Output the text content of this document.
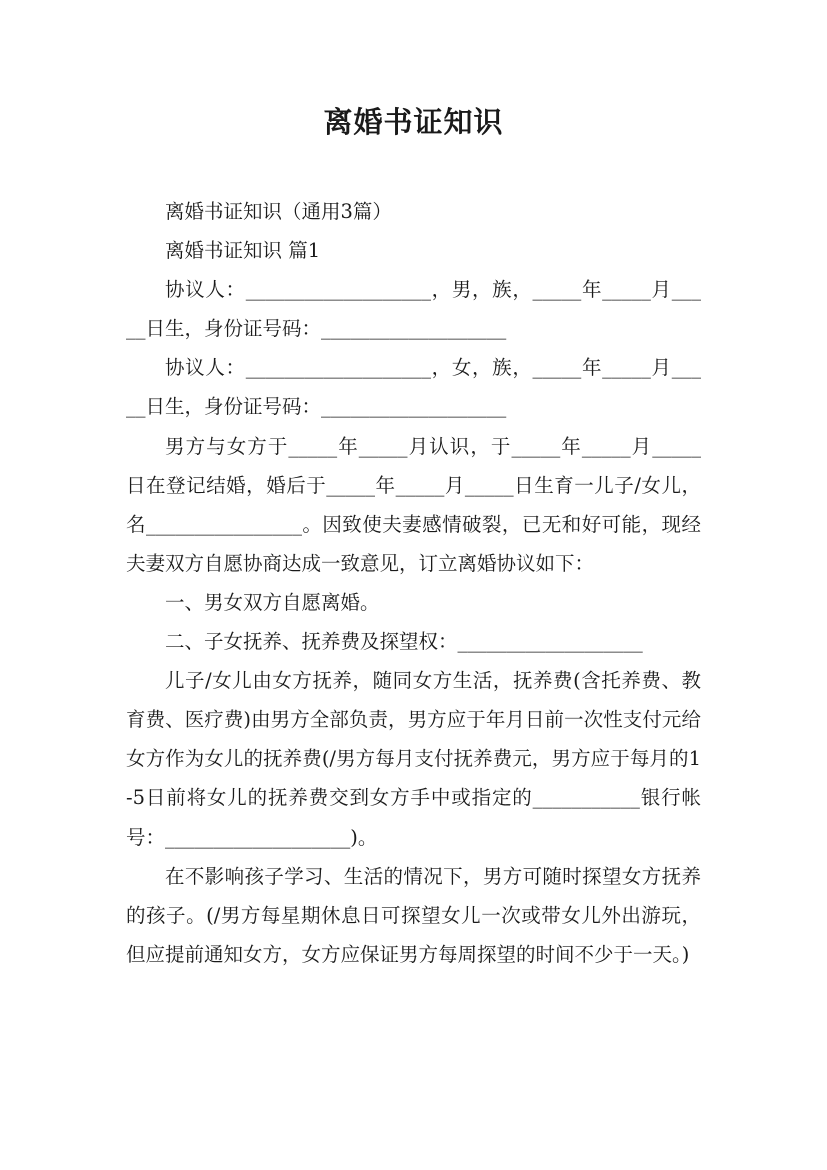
离婚书证知识

离婚书证知识（通用3篇）

离婚书证知识 篇1

协议人：___________________，男，族，_____年_____月_____日生，身份证号码：___________________

协议人：___________________，女，族，_____年_____月_____日生，身份证号码：___________________

男方与女方于_____年_____月认识，于_____年_____月_____日在登记结婚，婚后于_____年_____月_____日生育一儿子/女儿，名________________。因致使夫妻感情破裂，已无和好可能，现经夫妻双方自愿协商达成一致意见，订立离婚协议如下：

一、男女双方自愿离婚。

二、子女抚养、抚养费及探望权：___________________

儿子/女儿由女方抚养，随同女方生活，抚养费(含托养费、教育费、医疗费)由男方全部负责，男方应于年月日前一次性支付元给女方作为女儿的抚养费(/男方每月支付抚养费元，男方应于每月的1-5日前将女儿的抚养费交到女方手中或指定的___________银行帐号：___________________)。

在不影响孩子学习、生活的情况下，男方可随时探望女方抚养的孩子。(/男方每星期休息日可探望女儿一次或带女儿外出游玩，但应提前通知女方，女方应保证男方每周探望的时间不少于一天。)
